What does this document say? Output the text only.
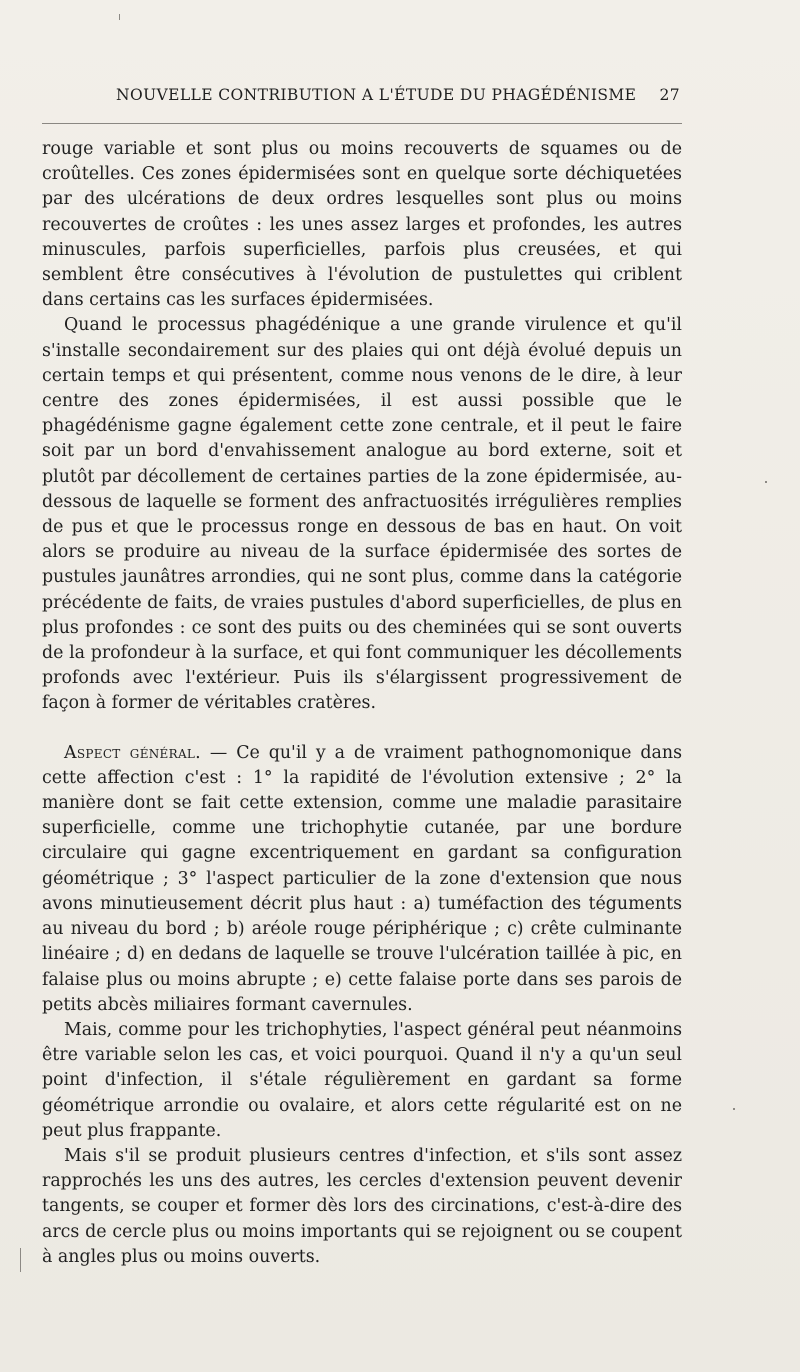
NOUVELLE CONTRIBUTION A L'ÉTUDE DU PHAGÉDÉNISME 27

rouge variable et sont plus ou moins recouverts de squames ou de croûtelles. Ces zones épidermisées sont en quelque sorte déchiquetées par des ulcérations de deux ordres lesquelles sont plus ou moins recouvertes de croûtes : les unes assez larges et profondes, les autres minuscules, parfois superficielles, parfois plus creusées, et qui semblent être consécutives à l'évolution de pustulettes qui criblent dans certains cas les surfaces épidermisées.

Quand le processus phagédénique a une grande virulence et qu'il s'installe secondairement sur des plaies qui ont déjà évolué depuis un certain temps et qui présentent, comme nous venons de le dire, à leur centre des zones épidermisées, il est aussi possible que le phagédénisme gagne également cette zone centrale, et il peut le faire soit par un bord d'envahissement analogue au bord externe, soit et plutôt par décollement de certaines parties de la zone épidermisée, au-dessous de laquelle se forment des anfractuosités irrégulières remplies de pus et que le processus ronge en dessous de bas en haut. On voit alors se produire au niveau de la surface épidermisée des sortes de pustules jaunâtres arrondies, qui ne sont plus, comme dans la catégorie précédente de faits, de vraies pustules d'abord superficielles, de plus en plus profondes : ce sont des puits ou des cheminées qui se sont ouverts de la profondeur à la surface, et qui font communiquer les décollements profonds avec l'extérieur. Puis ils s'élargissent progressivement de façon à former de véritables cratères.

Aspect général. — Ce qu'il y a de vraiment pathognomonique dans cette affection c'est : 1° la rapidité de l'évolution extensive ; 2° la manière dont se fait cette extension, comme une maladie parasitaire superficielle, comme une trichophytie cutanée, par une bordure circulaire qui gagne excentriquement en gardant sa configuration géométrique ; 3° l'aspect particulier de la zone d'extension que nous avons minutieusement décrit plus haut : a) tuméfaction des téguments au niveau du bord ; b) aréole rouge périphérique ; c) crête culminante linéaire ; d) en dedans de laquelle se trouve l'ulcération taillée à pic, en falaise plus ou moins abrupte ; e) cette falaise porte dans ses parois de petits abcès miliaires formant cavernules.

Mais, comme pour les trichophyties, l'aspect général peut néanmoins être variable selon les cas, et voici pourquoi. Quand il n'y a qu'un seul point d'infection, il s'étale régulièrement en gardant sa forme géométrique arrondie ou ovalaire, et alors cette régularité est on ne peut plus frappante.

Mais s'il se produit plusieurs centres d'infection, et s'ils sont assez rapprochés les uns des autres, les cercles d'extension peuvent devenir tangents, se couper et former dès lors des circinations, c'est-à-dire des arcs de cercle plus ou moins importants qui se rejoignent ou se coupent à angles plus ou moins ouverts.
